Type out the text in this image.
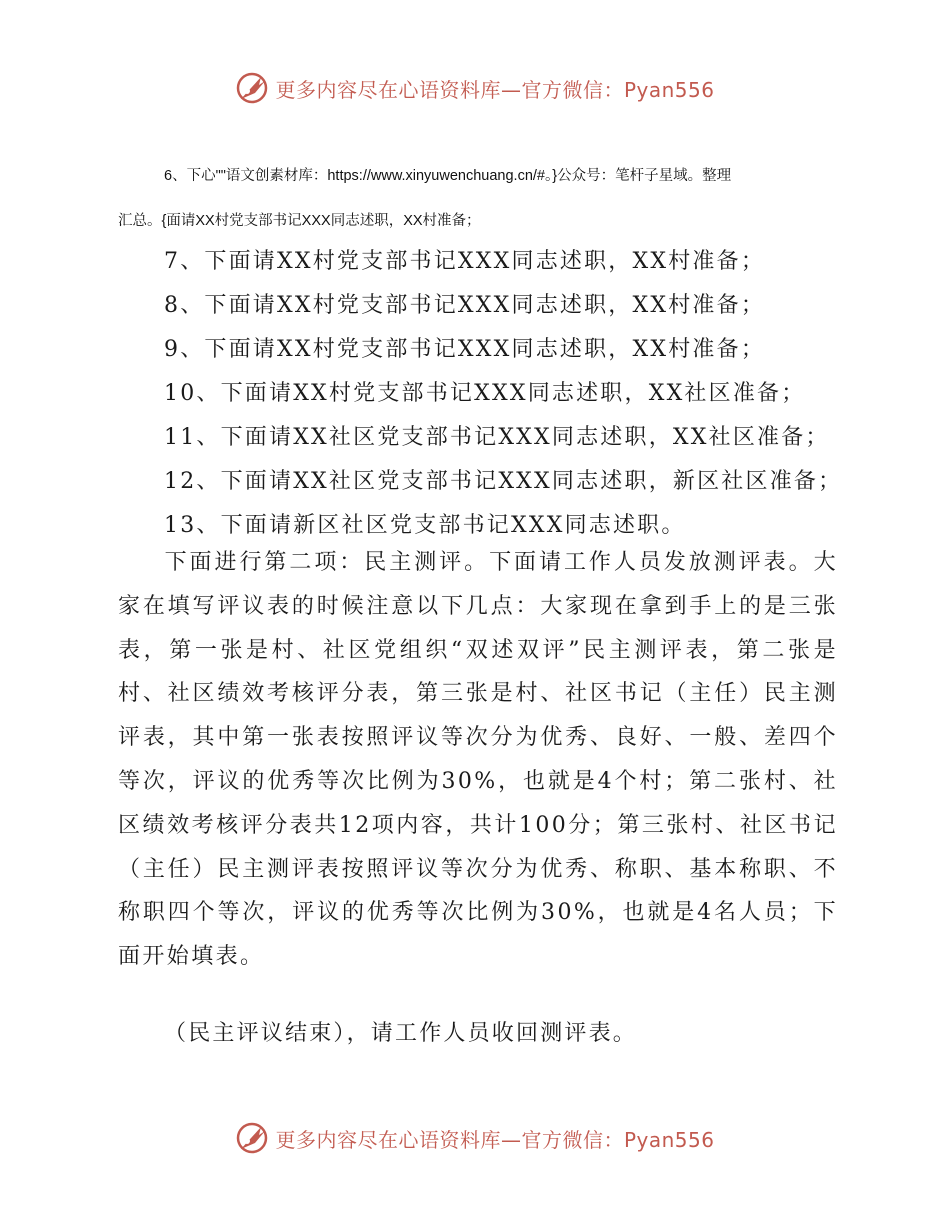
更多内容尽在心语资料库—官方微信：Pyan556
6、下心""语文创素材库：https://www.xinyuwenchuang.cn/#。}公众号：笔杆子星域。整理
汇总。{面请XX村党支部书记XXX同志述职，XX村准备；
7、下面请XX村党支部书记XXX同志述职，XX村准备；
8、下面请XX村党支部书记XXX同志述职，XX村准备；
9、下面请XX村党支部书记XXX同志述职，XX村准备；
10、下面请XX村党支部书记XXX同志述职，XX社区准备；
11、下面请XX社区党支部书记XXX同志述职，XX社区准备；
12、下面请XX社区党支部书记XXX同志述职，新区社区准备；
13、下面请新区社区党支部书记XXX同志述职。
下面进行第二项：民主测评。下面请工作人员发放测评表。大家在填写评议表的时候注意以下几点：大家现在拿到手上的是三张表，第一张是村、社区党组织“双述双评”民主测评表，第二张是村、社区绩效考核评分表，第三张是村、社区书记（主任）民主测评表，其中第一张表按照评议等次分为优秀、良好、一般、差四个等次，评议的优秀等次比例为30%，也就是4个村；第二张村、社区绩效考核评分表共12项内容，共计100分；第三张村、社区书记（主任）民主测评表按照评议等次分为优秀、称职、基本称职、不称职四个等次，评议的优秀等次比例为30%，也就是4名人员；下面开始填表。
（民主评议结束），请工作人员收回测评表。
更多内容尽在心语资料库—官方微信：Pyan556
